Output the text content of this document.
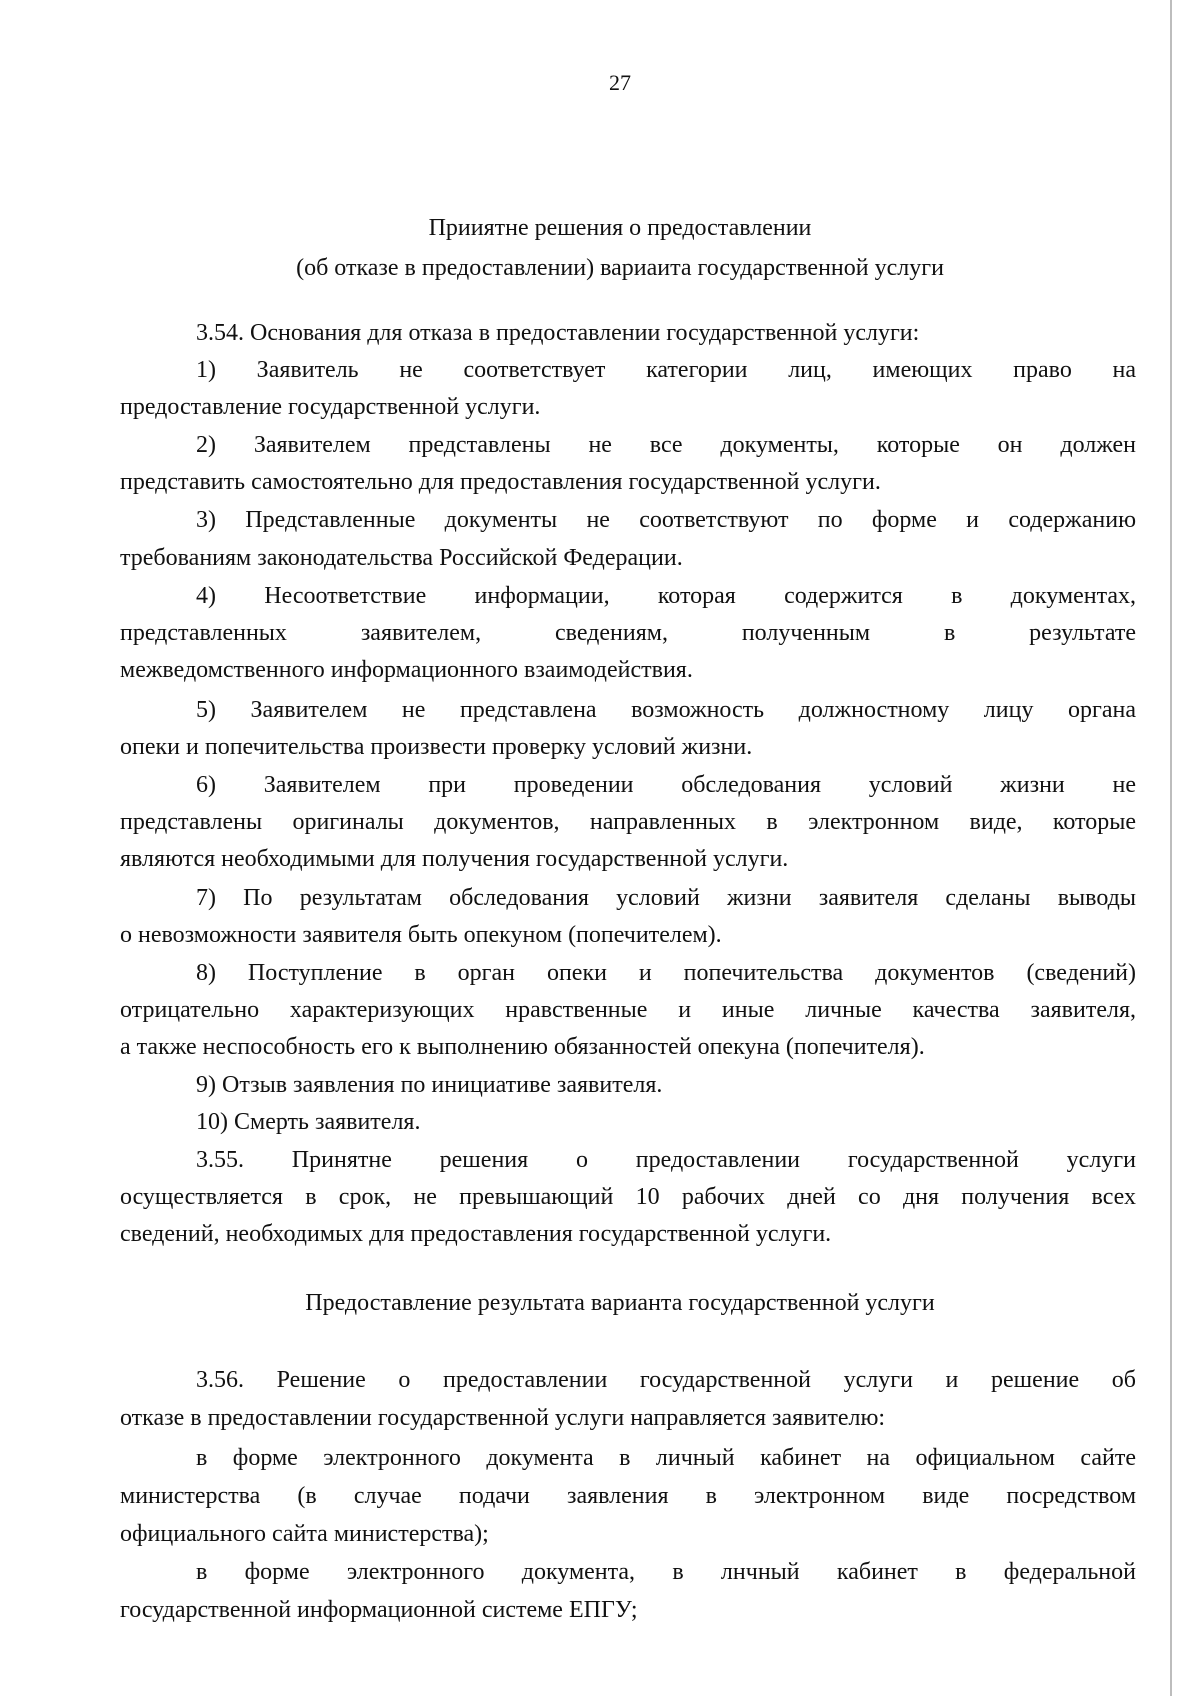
27
Прииятне решения о предоставлении
(об отказе в предоставлении) вариаита государственной услуги
3.54. Основания для отказа в предоставлении государственной услуги:
1) Заявитель не соответствует категории лиц, имеющих право на
предоставление государственной услуги.
2) Заявителем представлены не все документы, которые он должен
представить самостоятельно для предоставления государственной услуги.
3) Представленные документы не соответствуют по форме и содержанию
требованиям законодательства Российской Федерации.
4) Несоответствие информации, которая содержится в документах,
представленных заявителем, сведениям, полученным в результате
межведомственного информационного взаимодействия.
5) Заявителем не представлена возможность должностному лицу органа
опеки и попечительства произвести проверку условий жизни.
6) Заявителем при проведении обследования условий жизни не
представлены оригиналы документов, направленных в электронном виде, которые
являются необходимыми для получения государственной услуги.
7) По результатам обследования условий жизни заявителя сделаны выводы
о невозможности заявителя быть опекуном (попечителем).
8) Поступление в орган опеки и попечительства документов (сведений)
отрицательно характеризующих нравственные и иные личные качества заявителя,
а также неспособность его к выполнению обязанностей опекуна (попечителя).
9) Отзыв заявления по инициативе заявителя.
10) Смерть заявителя.
3.55. Принятне решения о предоставлении государственной услуги
осуществляется в срок, не превышающий 10 рабочих дней со дня получения всех
сведений, необходимых для предоставления государственной услуги.
Предоставление результата варианта государственной услуги
3.56. Решение о предоставлении государственной услуги и решение об
отказе в предоставлении государственной услуги направляется заявителю:
в форме электронного документа в личный кабинет на официальном сайте
министерства (в случае подачи заявления в электронном виде посредством
официального сайта министерства);
в форме электронного документа, в лнчный кабинет в федеральной
государственной информационной системе ЕПГУ;
